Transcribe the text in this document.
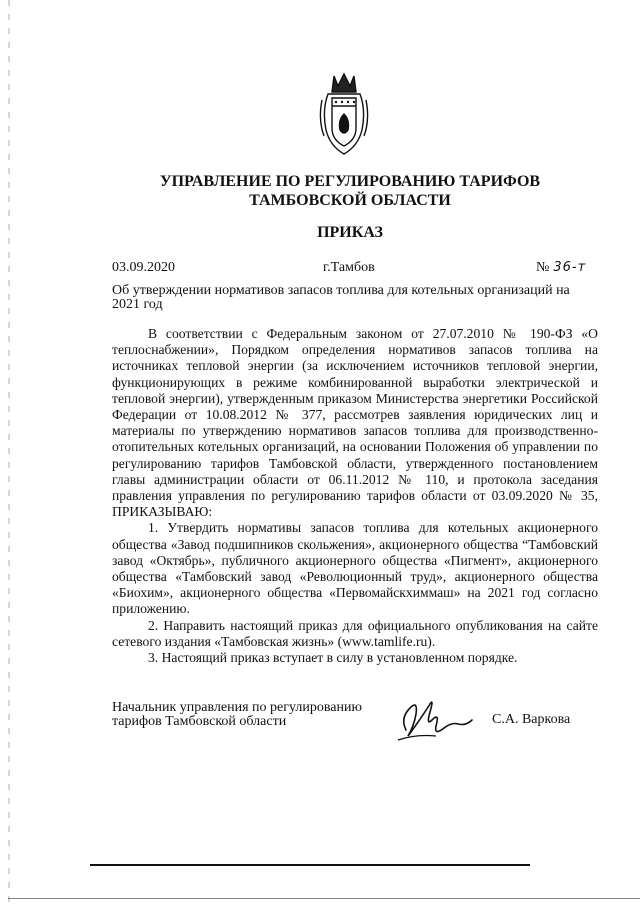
УПРАВЛЕНИЕ ПО РЕГУЛИРОВАНИЮ ТАРИФОВ
ТАМБОВСКОЙ ОБЛАСТИ
ПРИКАЗ
03.09.2020	г.Тамбов	№ 36-т
Об утверждении нормативов запасов топлива для котельных организаций на
2021 год

В соответствии с Федеральным законом от 27.07.2010 № 190-ФЗ «О теплоснабжении», Порядком определения нормативов запасов топлива на источниках тепловой энергии (за исключением источников тепловой энергии, функционирующих в режиме комбинированной выработки электрической и тепловой энергии), утвержденным приказом Министерства энергетики Российской Федерации от 10.08.2012 № 377, рассмотрев заявления юридических лиц и материалы по утверждению нормативов запасов топлива для производственно-отопительных котельных организаций, на основании Положения об управлении по регулированию тарифов Тамбовской области, утвержденного постановлением главы администрации области от 06.11.2012 № 110, и протокола заседания правления управления по регулированию тарифов области от 03.09.2020 № 35, ПРИКАЗЫВАЮ:

1. Утвердить нормативы запасов топлива для котельных акционерного общества «Завод подшипников скольжения», акционерного общества “Тамбовский завод «Октябрь», публичного акционерного общества «Пигмент», акционерного общества «Тамбовский завод «Революционный труд», акционерного общества «Биохим», акционерного общества «Первомайскхиммаш» на 2021 год согласно приложению.

2. Направить настоящий приказ для официального опубликования на сайте сетевого издания «Тамбовская жизнь» (www.tamlife.ru).

3. Настоящий приказ вступает в силу в установленном порядке.

Начальник управления по регулированию
тарифов Тамбовской области	С.А. Варкова
